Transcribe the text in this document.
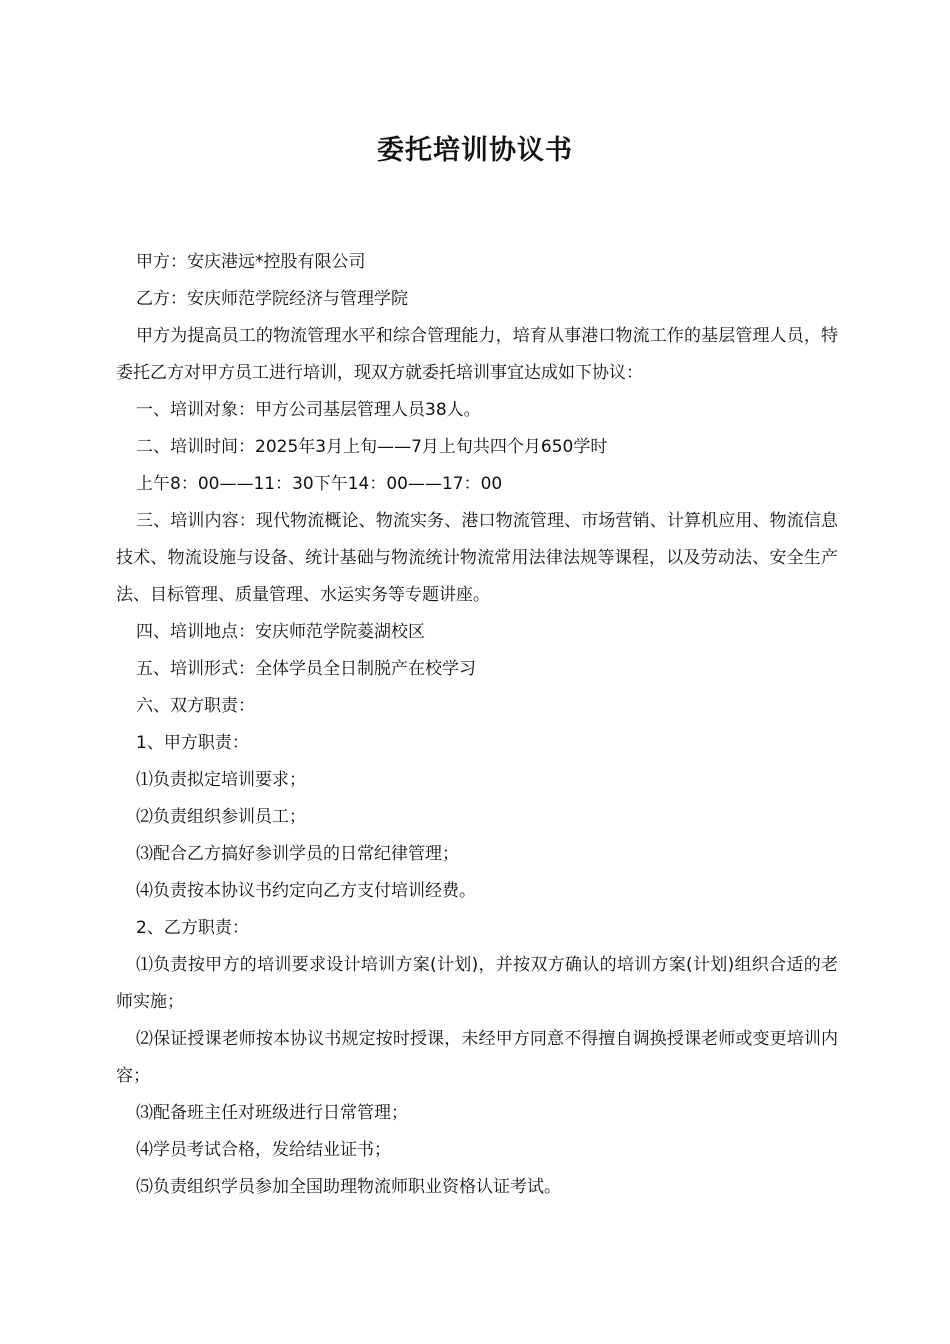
委托培训协议书

甲方：安庆港远*控股有限公司

乙方：安庆师范学院经济与管理学院

甲方为提高员工的物流管理水平和综合管理能力，培育从事港口物流工作的基层管理人员，特委托乙方对甲方员工进行培训，现双方就委托培训事宜达成如下协议：

一、培训对象：甲方公司基层管理人员38人。

二、培训时间：2025年3月上旬——7月上旬共四个月650学时

上午8：00——11：30下午14：00——17：00

三、培训内容：现代物流概论、物流实务、港口物流管理、市场营销、计算机应用、物流信息技术、物流设施与设备、统计基础与物流统计物流常用法律法规等课程，以及劳动法、安全生产法、目标管理、质量管理、水运实务等专题讲座。

四、培训地点：安庆师范学院菱湖校区

五、培训形式：全体学员全日制脱产在校学习

六、双方职责：

1、甲方职责：

⑴负责拟定培训要求；

⑵负责组织参训员工；

⑶配合乙方搞好参训学员的日常纪律管理；

⑷负责按本协议书约定向乙方支付培训经费。

2、乙方职责：

⑴负责按甲方的培训要求设计培训方案(计划)，并按双方确认的培训方案(计划)组织合适的老师实施；

⑵保证授课老师按本协议书规定按时授课，未经甲方同意不得擅自调换授课老师或变更培训内容；

⑶配备班主任对班级进行日常管理；

⑷学员考试合格，发给结业证书；

⑸负责组织学员参加全国助理物流师职业资格认证考试。
